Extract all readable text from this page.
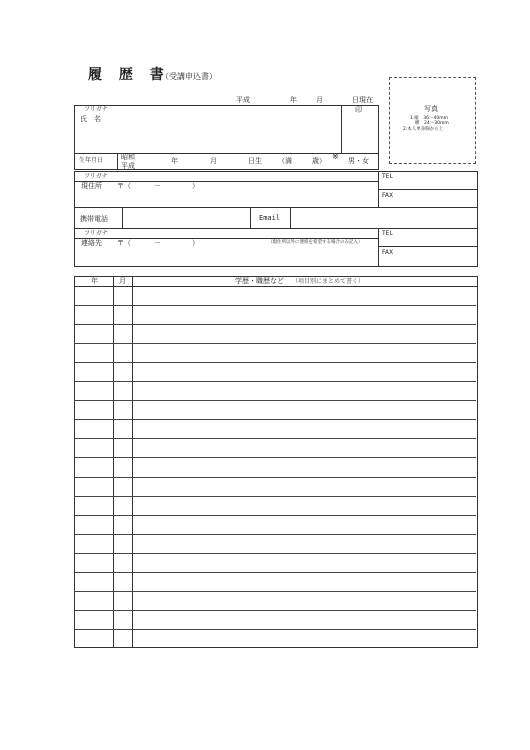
履 歴 書
（受講申込書）
平成	年	月	日現在
写真
1.縦　36～40mm
横　24～30mm
2.本人単身胸から上
フリガナ
氏　名
印
生年月日	昭和
平成
年	月	日生 （満	歳） ※ 男・女
フリガナ
現住所 〒（	－	）
TEL
FAX
携帯電話	Email
フリガナ
連絡先 〒（	－	）	（現住所以外に連絡を希望する場合のみ記入）
TEL
FAX
年	月	学歴・職歴など （項目別にまとめて書く）
